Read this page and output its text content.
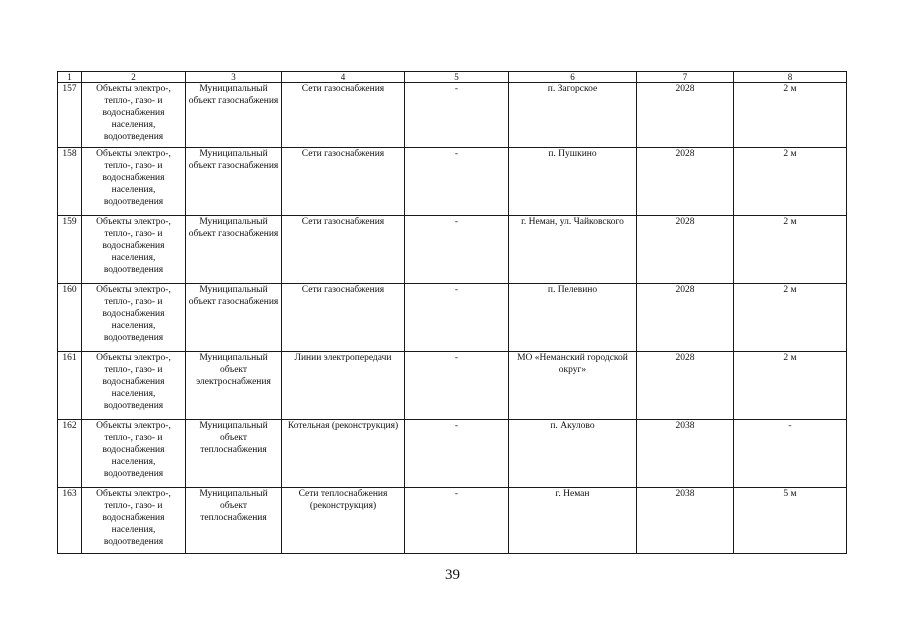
1	2	3	4	5	6	7	8
157	Объекты электро-, тепло-, газо- и водоснабжения населения, водоотведения	Муниципальный объект газоснабжения	Сети газоснабжения	-	п. Загорское	2028	2 м
158	Объекты электро-, тепло-, газо- и водоснабжения населения, водоотведения	Муниципальный объект газоснабжения	Сети газоснабжения	-	п. Пушкино	2028	2 м
159	Объекты электро-, тепло-, газо- и водоснабжения населения, водоотведения	Муниципальный объект газоснабжения	Сети газоснабжения	-	г. Неман, ул. Чайковского	2028	2 м
160	Объекты электро-, тепло-, газо- и водоснабжения населения, водоотведения	Муниципальный объект газоснабжения	Сети газоснабжения	-	п. Пелевино	2028	2 м
161	Объекты электро-, тепло-, газо- и водоснабжения населения, водоотведения	Муниципальный объект электроснабжения	Линии электропередачи	-	МО «Неманский городской округ»	2028	2 м
162	Объекты электро-, тепло-, газо- и водоснабжения населения, водоотведения	Муниципальный объект теплоснабжения	Котельная (реконструкция)	-	п. Акулово	2038	-
163	Объекты электро-, тепло-, газо- и водоснабжения населения, водоотведения	Муниципальный объект теплоснабжения	Сети теплоснабжения (реконструкция)	-	г. Неман	2038	5 м
39
